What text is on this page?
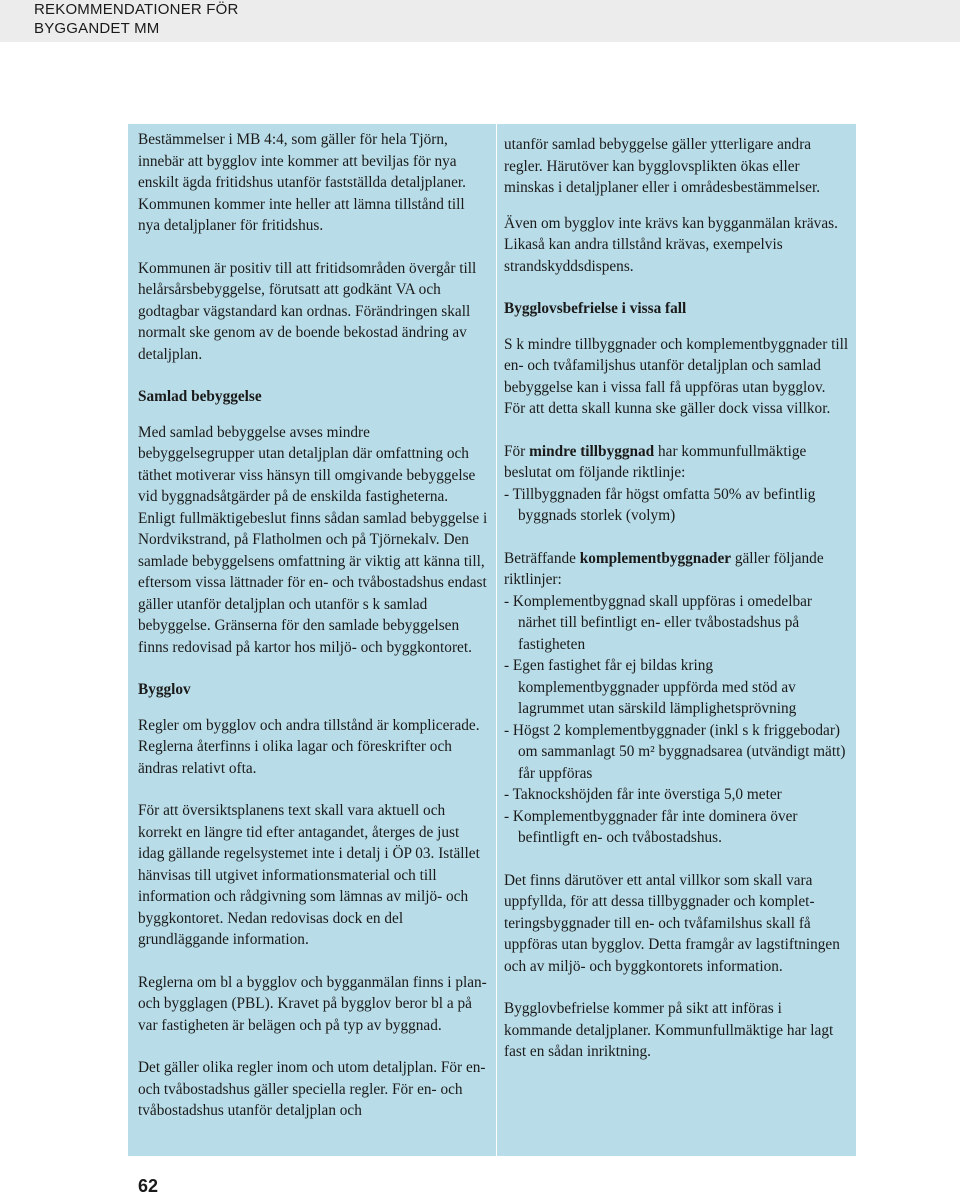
REKOMMENDATIONER FÖR
BYGGANDET MM

Bestämmelser i MB 4:4, som gäller för hela Tjörn, innebär att bygglov inte kommer att beviljas för nya enskilt ägda fritidshus utanför fastställda detaljplaner. Kommunen kommer inte heller att lämna tillstånd till nya detaljplaner för fritidshus.

Kommunen är positiv till att fritidsområden övergår till helårsårsbebyggelse, förutsatt att godkänt VA och godtagbar vägstandard kan ordnas. Förändringen skall normalt ske genom av de boende bekostad ändring av detaljplan.

Samlad bebyggelse

Med samlad bebyggelse avses mindre bebyggelsegrupper utan detaljplan där omfattning och täthet motiverar viss hänsyn till omgivande bebyggelse vid byggnadsåtgärder på de enskilda fastigheterna. Enligt fullmäktigebeslut finns sådan samlad bebyggelse i Nordvikstrand, på Flatholmen och på Tjörnekalv. Den samlade bebyggelsens omfattning är viktig att känna till, eftersom vissa lättnader för en- och tvåbostadshus endast gäller utanför detaljplan och utanför s k samlad bebyggelse. Gränserna för den samlade bebyggelsen finns redovisad på kartor hos miljö- och byggkontoret.

Bygglov

Regler om bygglov och andra tillstånd är komplicerade. Reglerna återfinns i olika lagar och föreskrifter och ändras relativt ofta.

För att översiktsplanens text skall vara aktuell och korrekt en längre tid efter antagandet, återges de just idag gällande regelsystemet inte i detalj i ÖP 03. Istället hänvisas till utgivet informationsmaterial och till information och rådgivning som lämnas av miljö- och byggkontoret. Nedan redovisas dock en del grundläggande information.

Reglerna om bl a bygglov och bygganmälan finns i plan- och bygglagen (PBL). Kravet på bygglov beror bl a på var fastigheten är belägen och på typ av byggnad.

Det gäller olika regler inom och utom detaljplan. För en- och tvåbostadshus gäller speciella regler. För en- och tvåbostadshus utanför detaljplan och

utanför samlad bebyggelse gäller ytterligare andra regler. Härutöver kan bygglovsplikten ökas eller minskas i detaljplaner eller i områdesbestämmelser.

Även om bygglov inte krävs kan bygganmälan krävas. Likaså kan andra tillstånd krävas, exempelvis strandskyddsdispens.

Bygglovsbefrielse i vissa fall

S k mindre tillbyggnader och komplementbyggnader till en- och tvåfamiljshus utanför detaljplan och samlad bebyggelse kan i vissa fall få uppföras utan bygglov. För att detta skall kunna ske gäller dock vissa villkor.

För mindre tillbyggnad har kommunfullmäktige beslutat om följande riktlinje:

- Tillbyggnaden får högst omfatta 50% av befintlig byggnads storlek (volym)

Beträffande komplementbyggnader gäller följande riktlinjer:

- Komplementbyggnad skall uppföras i omedelbar närhet till befintligt en- eller tvåbostadshus på fastigheten

- Egen fastighet får ej bildas kring komplementbyggnader uppförda med stöd av lagrummet utan särskild lämplighetsprövning

- Högst 2 komplementbyggnader (inkl s k friggebodar) om sammanlagt 50 m² byggnadsarea (utvändigt mätt) får uppföras

- Taknockshöjden får inte överstiga 5,0 meter

- Komplementbyggnader får inte dominera över befintligft en- och tvåbostadshus.

Det finns därutöver ett antal villkor som skall vara uppfyllda, för att dessa tillbyggnader och kompletteringsbyggnader till en- och tvåfamilshus skall få uppföras utan bygglov. Detta framgår av lagstiftningen och av miljö- och byggkontorets information.

Bygglovbefrielse kommer på sikt att införas i kommande detaljplaner. Kommunfullmäktige har lagt fast en sådan inriktning.

62
